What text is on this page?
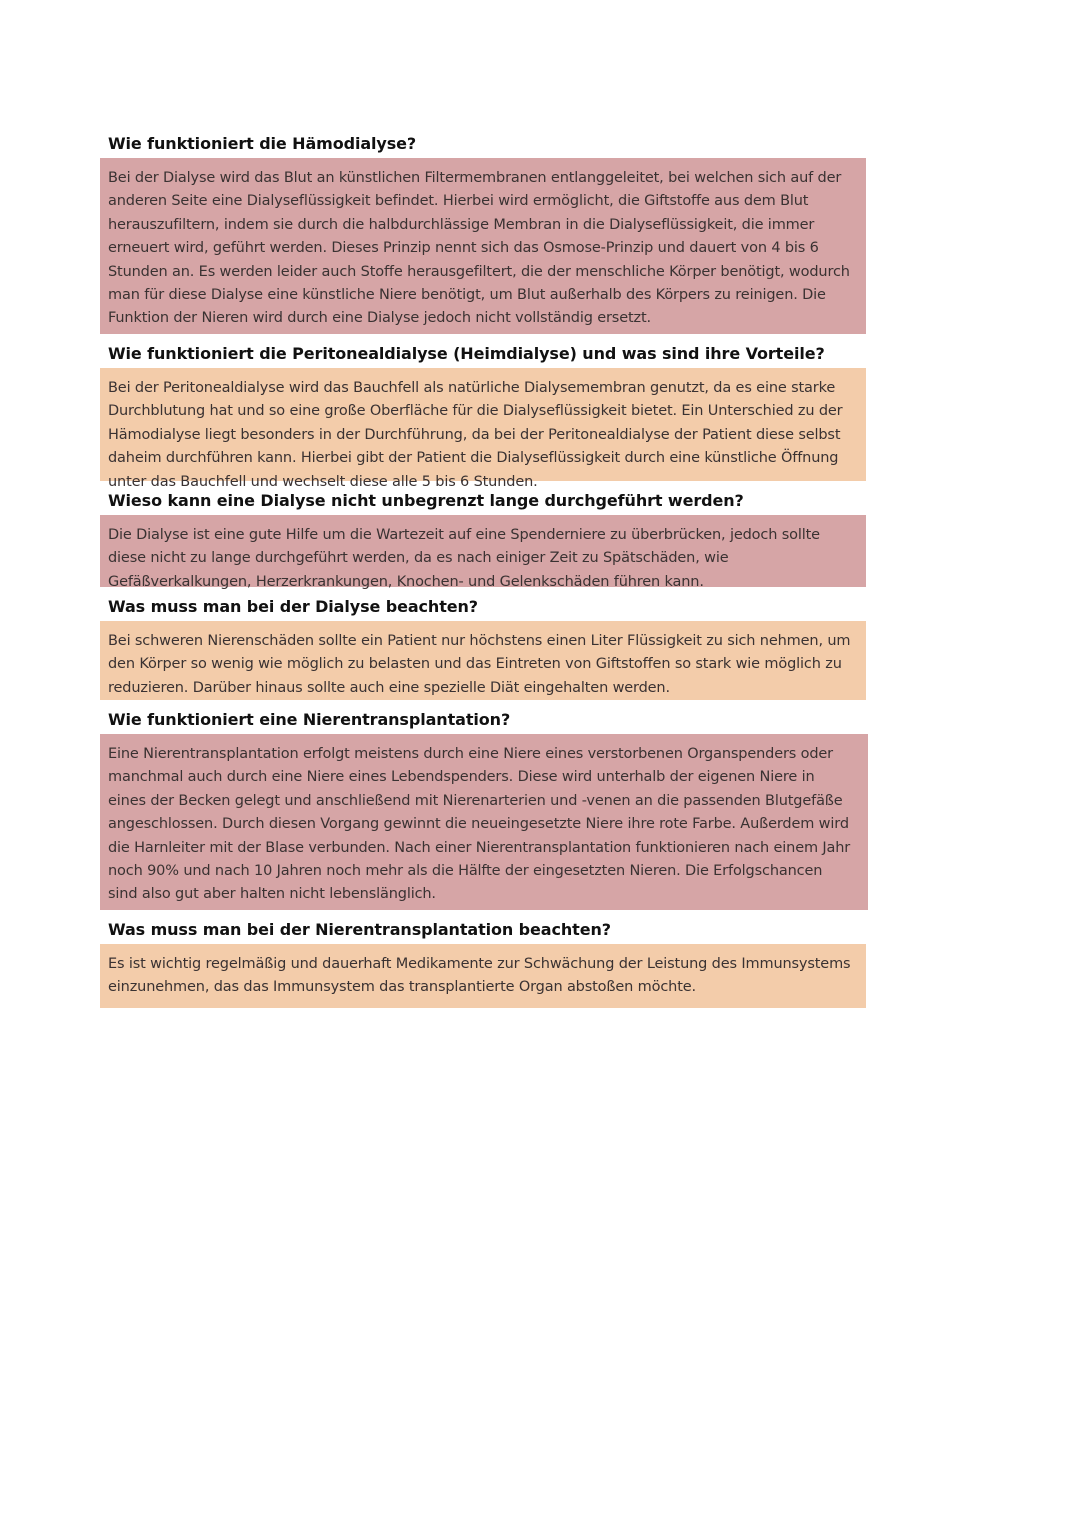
Wie funktioniert die Hämodialyse?
Bei der Dialyse wird das Blut an künstlichen Filtermembranen entlanggeleitet, bei welchen sich auf der anderen Seite eine Dialyseflüssigkeit befindet. Hierbei wird ermöglicht, die Giftstoffe aus dem Blut herauszufiltern, indem sie durch die halbdurchlässige Membran in die Dialyseflüssigkeit, die immer erneuert wird, geführt werden. Dieses Prinzip nennt sich das Osmose-Prinzip und dauert von 4 bis 6 Stunden an. Es werden leider auch Stoffe herausgefiltert, die der menschliche Körper benötigt, wodurch man für diese Dialyse eine künstliche Niere benötigt, um Blut außerhalb des Körpers zu reinigen. Die Funktion der Nieren wird durch eine Dialyse jedoch nicht vollständig ersetzt.
Wie funktioniert die Peritonealdialyse (Heimdialyse) und was sind ihre Vorteile?
Bei der Peritonealdialyse wird das Bauchfell als natürliche Dialysemembran genutzt, da es eine starke Durchblutung hat und so eine große Oberfläche für die Dialyseflüssigkeit bietet. Ein Unterschied zu der Hämodialyse liegt besonders in der Durchführung, da bei der Peritonealdialyse der Patient diese selbst daheim durchführen kann. Hierbei gibt der Patient die Dialyseflüssigkeit durch eine künstliche Öffnung unter das Bauchfell und wechselt diese alle 5 bis 6 Stunden.
Wieso kann eine Dialyse nicht unbegrenzt lange durchgeführt werden?
Die Dialyse ist eine gute Hilfe um die Wartezeit auf eine Spenderniere zu überbrücken, jedoch sollte diese nicht zu lange durchgeführt werden, da es nach einiger Zeit zu Spätschäden, wie Gefäßverkalkungen, Herzerkrankungen, Knochen- und Gelenkschäden führen kann.
Was muss man bei der Dialyse beachten?
Bei schweren Nierenschäden sollte ein Patient nur höchstens einen Liter Flüssigkeit zu sich nehmen, um den Körper so wenig wie möglich zu belasten und das Eintreten von Giftstoffen so stark wie möglich zu reduzieren. Darüber hinaus sollte auch eine spezielle Diät eingehalten werden.
Wie funktioniert eine Nierentransplantation?
Eine Nierentransplantation erfolgt meistens durch eine Niere eines verstorbenen Organspenders oder manchmal auch durch eine Niere eines Lebendspenders. Diese wird unterhalb der eigenen Niere in eines der Becken gelegt und anschließend mit Nierenarterien und -venen an die passenden Blutgefäße angeschlossen. Durch diesen Vorgang gewinnt die neueingesetzte Niere ihre rote Farbe. Außerdem wird die Harnleiter mit der Blase verbunden. Nach einer Nierentransplantation funktionieren nach einem Jahr noch 90% und nach 10 Jahren noch mehr als die Hälfte der eingesetzten Nieren. Die Erfolgschancen sind also gut aber halten nicht lebenslänglich.
Was muss man bei der Nierentransplantation beachten?
Es ist wichtig regelmäßig und dauerhaft Medikamente zur Schwächung der Leistung des Immunsystems einzunehmen, das das Immunsystem das transplantierte Organ abstoßen möchte.
